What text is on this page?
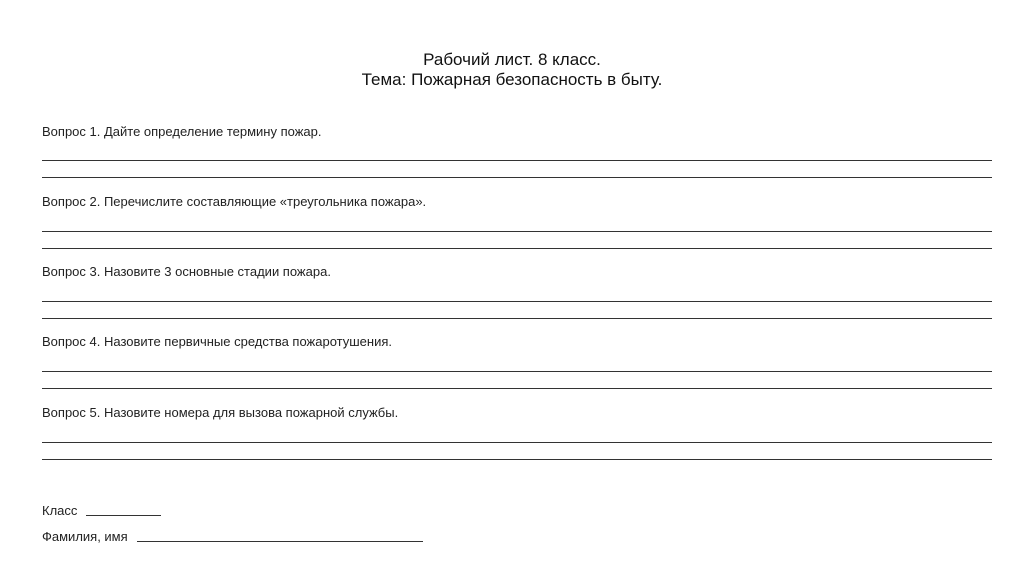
Рабочий лист. 8 класс.
Тема: Пожарная безопасность в быту.
Вопрос 1. Дайте определение термину пожар.
Вопрос 2. Перечислите составляющие «треугольника пожара».
Вопрос 3. Назовите 3 основные стадии пожара.
Вопрос 4. Назовите первичные средства пожаротушения.
Вопрос 5. Назовите номера для вызова пожарной службы.
Класс
Фамилия, имя
